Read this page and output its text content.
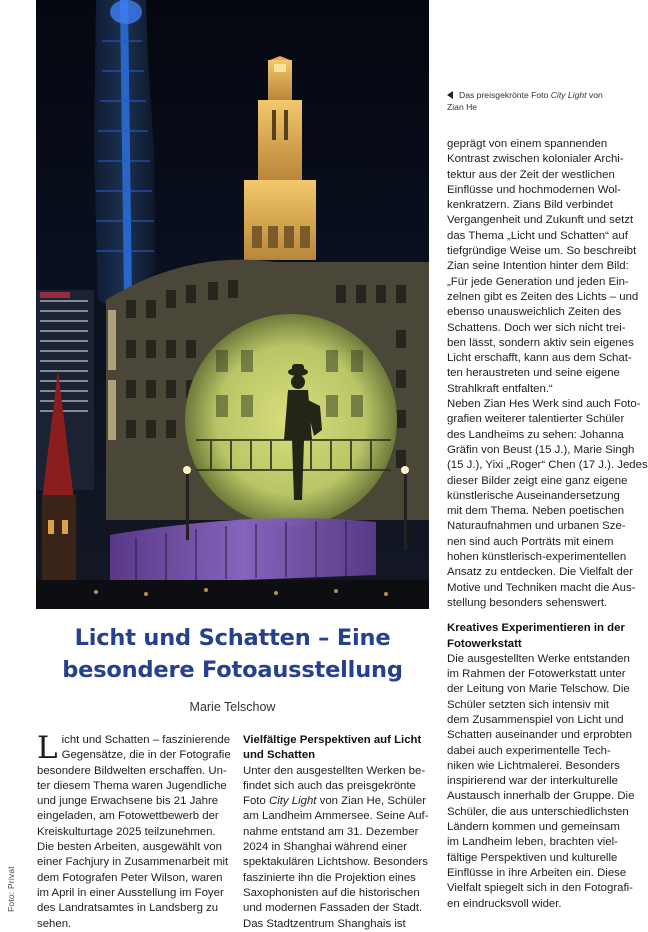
Foto: Privat
Das preisgekrönte Foto City Light von
Zian He
Licht und Schatten – Eine
besondere Fotoausstellung
Marie Telschow
L icht und Schatten – faszinierende
Gegensätze, die in der Fotografie
besondere Bildwelten erschaffen. Un-
ter diesem Thema waren Jugendliche
und junge Erwachsene bis 21 Jahre
eingeladen, am Fotowettbewerb der
Kreiskulturtage 2025 teilzunehmen.
Die besten Arbeiten, ausgewählt von
einer Fachjury in Zusammenarbeit mit
dem Fotografen Peter Wilson, waren
im April in einer Ausstellung im Foyer
des Landratsamtes in Landsberg zu
sehen.
Vielfältige Perspektiven auf Licht
und Schatten
Unter den ausgestellten Werken be-
findet sich auch das preisgekrönte
Foto City Light von Zian He, Schüler
am Landheim Ammersee. Seine Auf-
nahme entstand am 31. Dezember
2024 in Shanghai während einer
spektakulären Lichtshow. Besonders
faszinierte ihn die Projektion eines
Saxophonisten auf die historischen
und modernen Fassaden der Stadt.
Das Stadtzentrum Shanghais ist
geprägt von einem spannenden
Kontrast zwischen kolonialer Archi-
tektur aus der Zeit der westlichen
Einflüsse und hochmodernen Wol-
kenkratzern. Zians Bild verbindet
Vergangenheit und Zukunft und setzt
das Thema „Licht und Schatten“ auf
tiefgründige Weise um. So beschreibt
Zian seine Intention hinter dem Bild:
„Für jede Generation und jeden Ein-
zelnen gibt es Zeiten des Lichts – und
ebenso unausweichlich Zeiten des
Schattens. Doch wer sich nicht trei-
ben lässt, sondern aktiv sein eigenes
Licht erschafft, kann aus dem Schat-
ten heraustreten und seine eigene
Strahlkraft entfalten.“
Neben Zian Hes Werk sind auch Foto-
grafien weiterer talentierter Schüler
des Landheims zu sehen: Johanna
Gräfin von Beust (15 J.), Marie Singh
(15 J.), Yixi „Roger“ Chen (17 J.). Jedes
dieser Bilder zeigt eine ganz eigene
künstlerische Auseinandersetzung
mit dem Thema. Neben poetischen
Naturaufnahmen und urbanen Sze-
nen sind auch Porträts mit einem
hohen künstlerisch-experimentellen
Ansatz zu entdecken. Die Vielfalt der
Motive und Techniken macht die Aus-
stellung besonders sehenswert.
Kreatives Experimentieren in der
Fotowerkstatt
Die ausgestellten Werke entstanden
im Rahmen der Fotowerkstatt unter
der Leitung von Marie Telschow. Die
Schüler setzten sich intensiv mit
dem Zusammenspiel von Licht und
Schatten auseinander und erprobten
dabei auch experimentelle Tech-
niken wie Lichtmalerei. Besonders
inspirierend war der interkulturelle
Austausch innerhalb der Gruppe. Die
Schüler, die aus unterschiedlichsten
Ländern kommen und gemeinsam
im Landheim leben, brachten viel-
fältige Perspektiven und kulturelle
Einflüsse in ihre Arbeiten ein. Diese
Vielfalt spiegelt sich in den Fotografi-
en eindrucksvoll wider.
